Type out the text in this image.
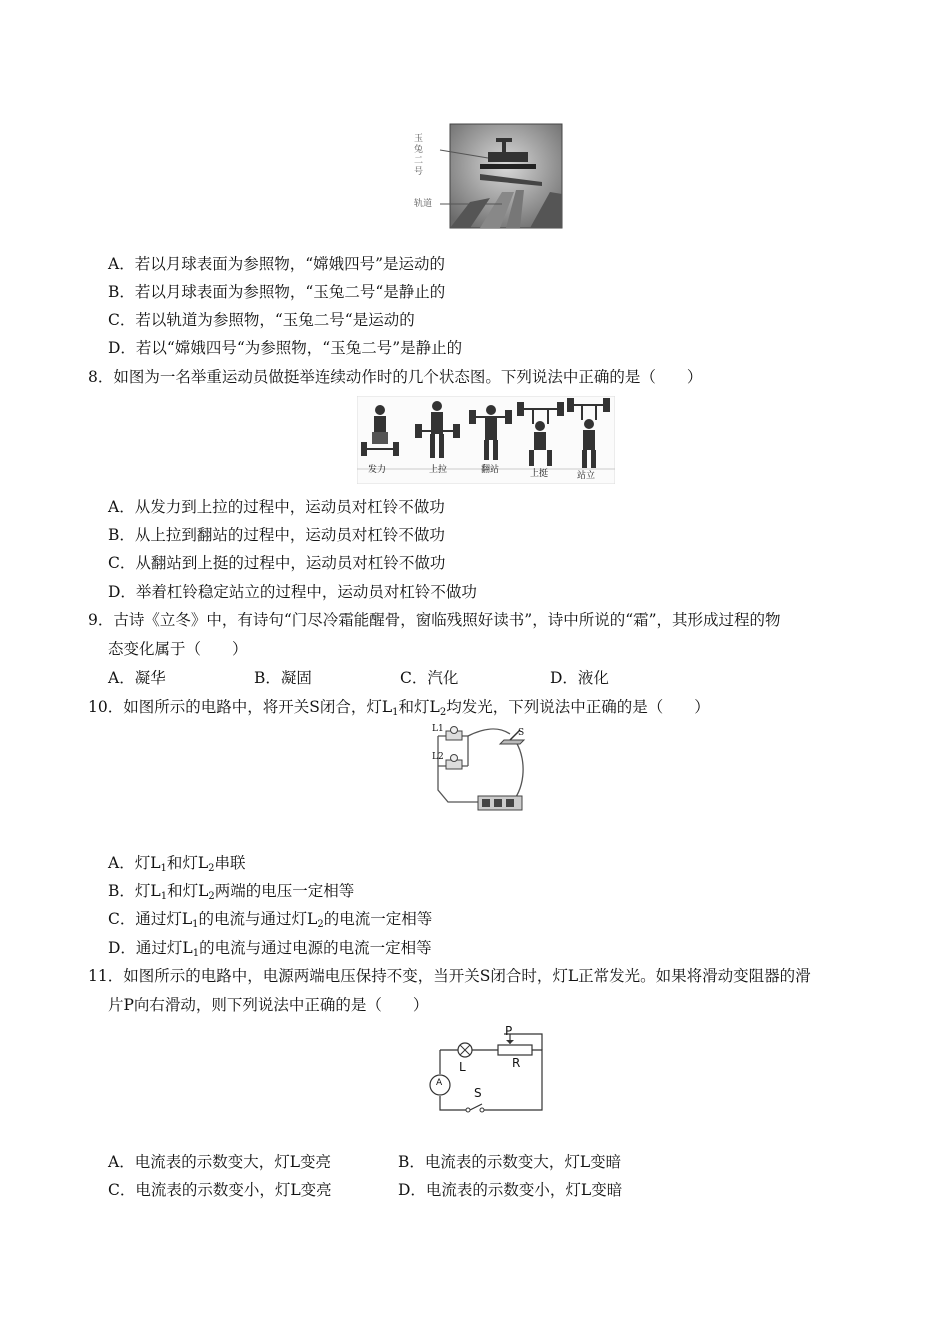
玉兔二号
轨道
A．若以月球表面为参照物，“嫦娥四号”是运动的
B．若以月球表面为参照物，“玉兔二号“是静止的
C．若以轨道为参照物，“玉兔二号“是运动的
D．若以“嫦娥四号“为参照物，“玉兔二号”是静止的
8．如图为一名举重运动员做挺举连续动作时的几个状态图。下列说法中正确的是（　　）
发力	上拉	翻站	上挺	站立
A．从发力到上拉的过程中，运动员对杠铃不做功
B．从上拉到翻站的过程中，运动员对杠铃不做功
C．从翻站到上挺的过程中，运动员对杠铃不做功
D．举着杠铃稳定站立的过程中，运动员对杠铃不做功
9．古诗《立冬》中，有诗句“门尽冷霜能醒骨，窗临残照好读书”，诗中所说的“霜”，其形成过程的物
态变化属于（　　）
A．凝华	B．凝固	C．汽化	D．液化
10．如图所示的电路中，将开关S闭合，灯$L_1$和灯$L_2$均发光，下列说法中正确的是（　　）
L1
L2
S
A．灯$L_1$和灯$L_2$串联
B．灯$L_1$和灯$L_2$两端的电压一定相等
C．通过灯$L_1$的电流与通过灯$L_2$的电流一定相等
D．通过灯$L_1$的电流与通过电源的电流一定相等
11．如图所示的电路中，电源两端电压保持不变，当开关S闭合时，灯L正常发光。如果将滑动变阻器的滑
片P向右滑动，则下列说法中正确的是（　　）
P
R
L
A
S
A．电流表的示数变大，灯L变亮	B．电流表的示数变大，灯L变暗
C．电流表的示数变小，灯L变亮	D．电流表的示数变小，灯L变暗
